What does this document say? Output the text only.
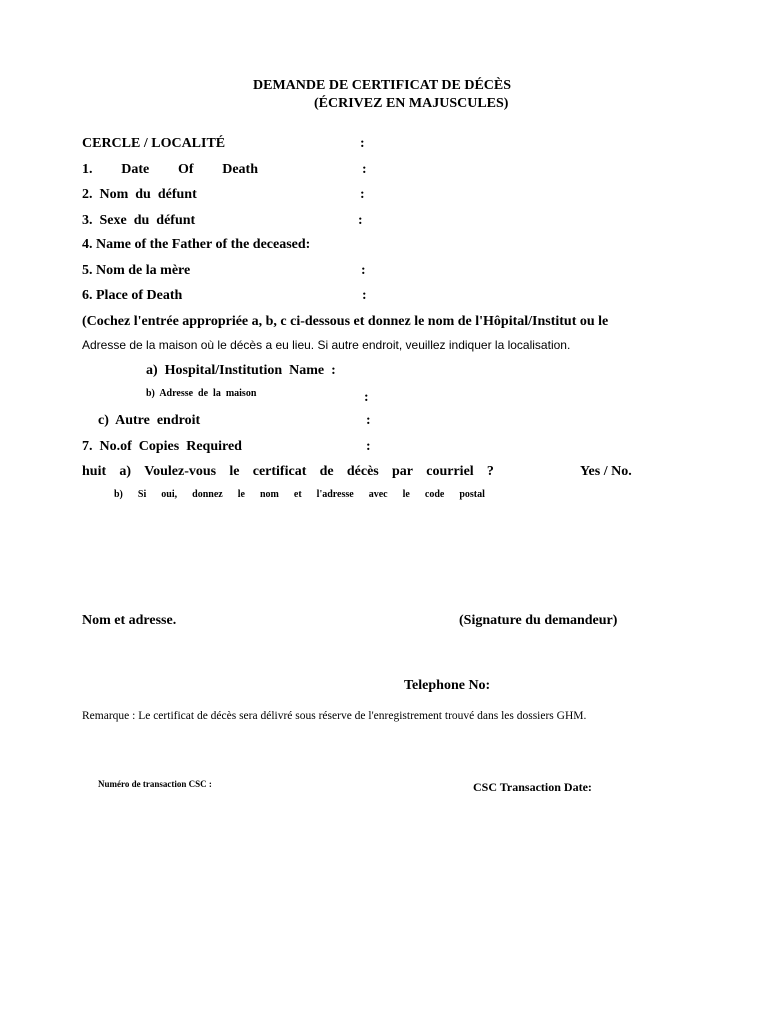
DEMANDE DE CERTIFICAT DE DÉCÈS
(ÉCRIVEZ EN MAJUSCULES)
CERCLE / LOCALITÉ	:
1. Date Of Death	:
2.  Nom  du  défunt	:
3.  Sexe  du  défunt	:
4. Name of the Father of the deceased:
5. Nom de la mère	:
6. Place of Death	:
(Cochez l'entrée appropriée a, b, c ci-dessous et donnez le nom de l'Hôpital/Institut ou le
Adresse de la maison où le décès a eu lieu. Si autre endroit, veuillez indiquer la localisation.
a)  Hospital/Institution  Name  :
b)  Adresse  de  la  maison	:
c)  Autre  endroit	:
7.  No.of  Copies  Required	:
huit a) Voulez-vous le certificat de décès par courriel ?	Yes / No.
b) Si oui, donnez le nom et l'adresse avec le code postal
Nom et adresse.	(Signature du demandeur)
Telephone No:
Remarque : Le certificat de décès sera délivré sous réserve de l'enregistrement trouvé dans les dossiers GHM.
Numéro de transaction CSC :	CSC Transaction Date:
